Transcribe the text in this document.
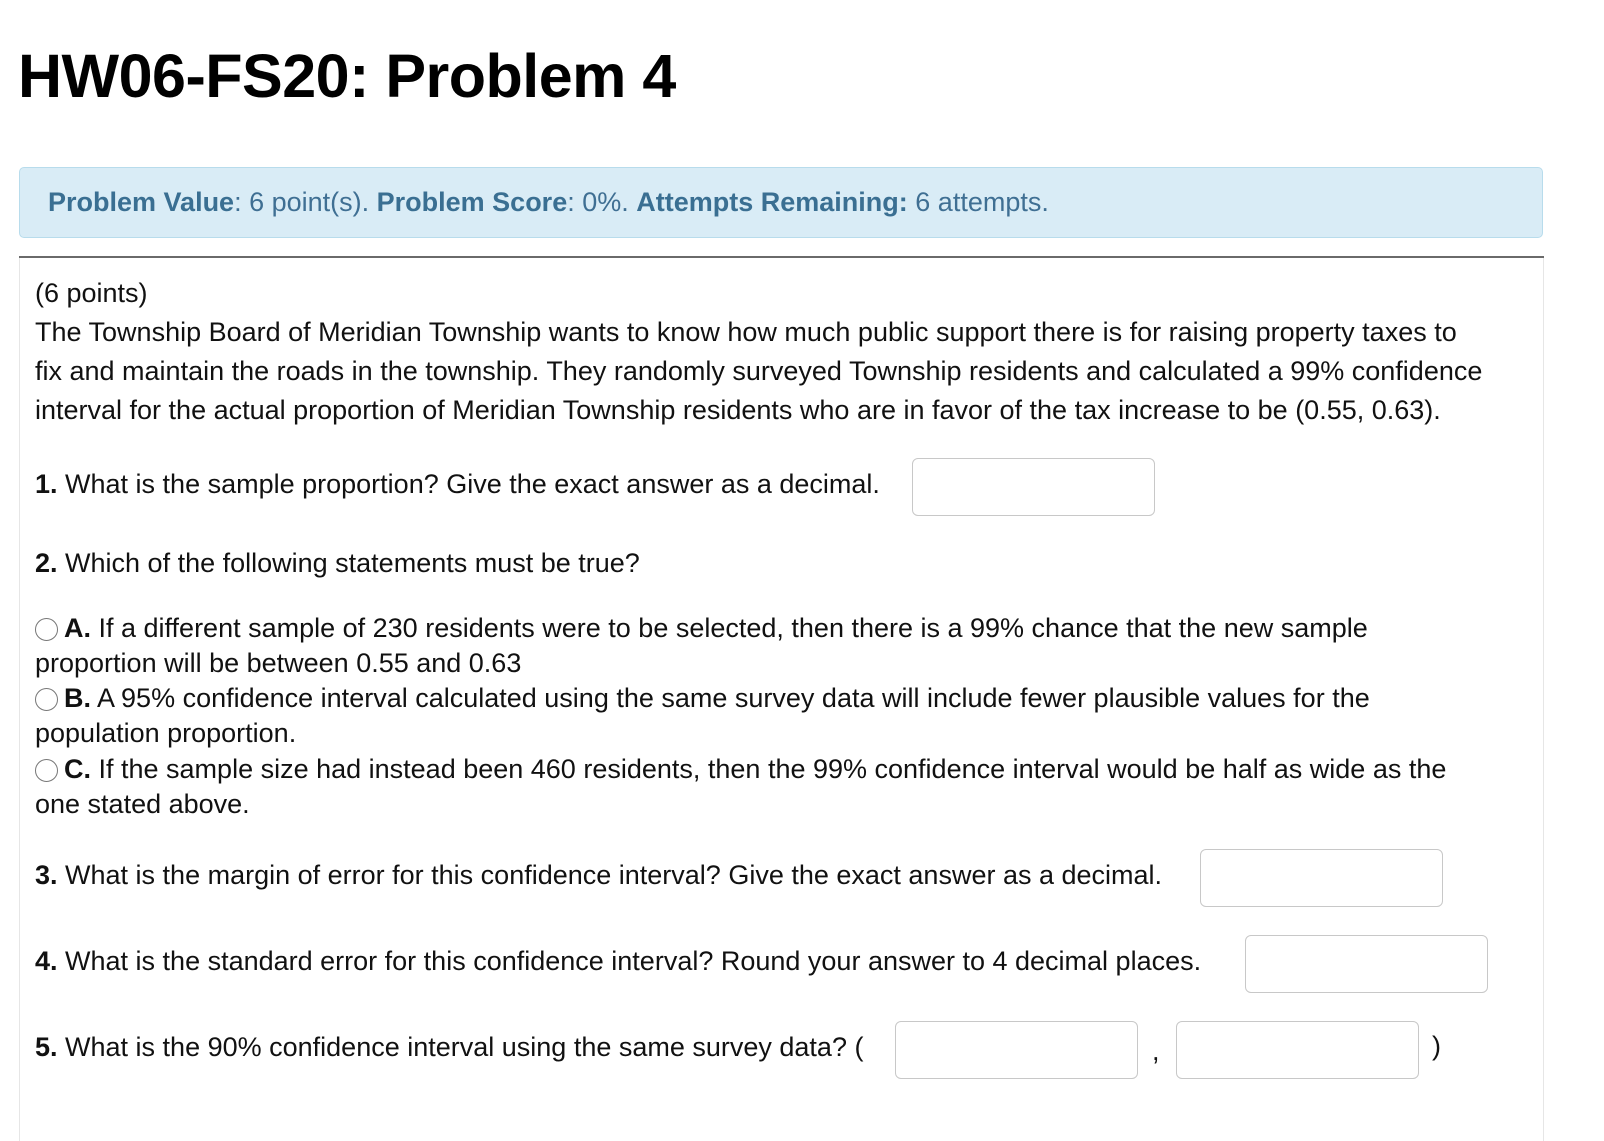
HW06-FS20: Problem 4
Problem Value: 6 point(s). Problem Score: 0%. Attempts Remaining: 6 attempts.
(6 points)
The Township Board of Meridian Township wants to know how much public support there is for raising property taxes to
fix and maintain the roads in the township. They randomly surveyed Township residents and calculated a 99% confidence
interval for the actual proportion of Meridian Township residents who are in favor of the tax increase to be (0.55, 0.63).
1. What is the sample proportion? Give the exact answer as a decimal.
2. Which of the following statements must be true?
A. If a different sample of 230 residents were to be selected, then there is a 99% chance that the new sample
proportion will be between 0.55 and 0.63
B. A 95% confidence interval calculated using the same survey data will include fewer plausible values for the
population proportion.
C. If the sample size had instead been 460 residents, then the 99% confidence interval would be half as wide as the
one stated above.
3. What is the margin of error for this confidence interval? Give the exact answer as a decimal.
4. What is the standard error for this confidence interval? Round your answer to 4 decimal places.
5. What is the 90% confidence interval using the same survey data? (	,	)
